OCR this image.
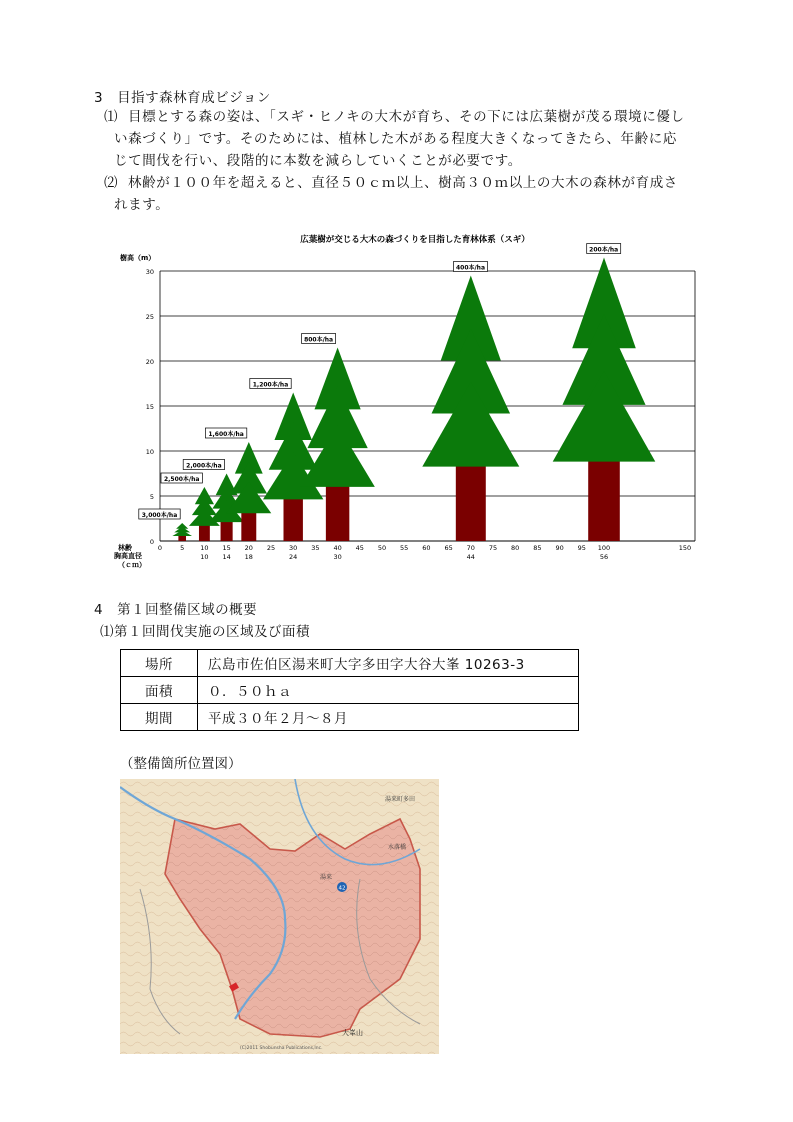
3　目指す森林育成ビジョン
⑴ 目標とする森の姿は、「スギ・ヒノキの大木が育ち、その下には広葉樹が茂る環境に優し
い森づくり」です。そのためには、植林した木がある程度大きくなってきたら、年齢に応
じて間伐を行い、段階的に本数を減らしていくことが必要です。
⑵ 林齢が１００年を超えると、直径５０ｃｍ以上、樹高３０ｍ以上の大木の森林が育成さ
れます。
広葉樹が交じる大木の森づくりを目指した育林体系（スギ）
樹高（m）
林齢
胸高直径
（ｃｍ）
0
5
10
15
20
25
30
0	5 10 15 20 25 30 35 40 45 50 55 60 65 70 75 80 85 90 95 100	150
10 14 18	24	30	44	56
3,000本/ha
2,500本/ha
2,000本/ha
1,600本/ha
1,200本/ha
800本/ha
400本/ha
200本/ha
4　第１回整備区域の概要
⑴第１回間伐実施の区域及び面積
場所	広島市佐伯区湯来町大字多田字大谷大峯 10263-3
面積	０．５０ｈａ
期間	平成３０年２月～８月
（整備箇所位置図）
42
湯来町多田
水落橋
湯来
大峯山
(C)2011 Shobunsha Publications,Inc.
